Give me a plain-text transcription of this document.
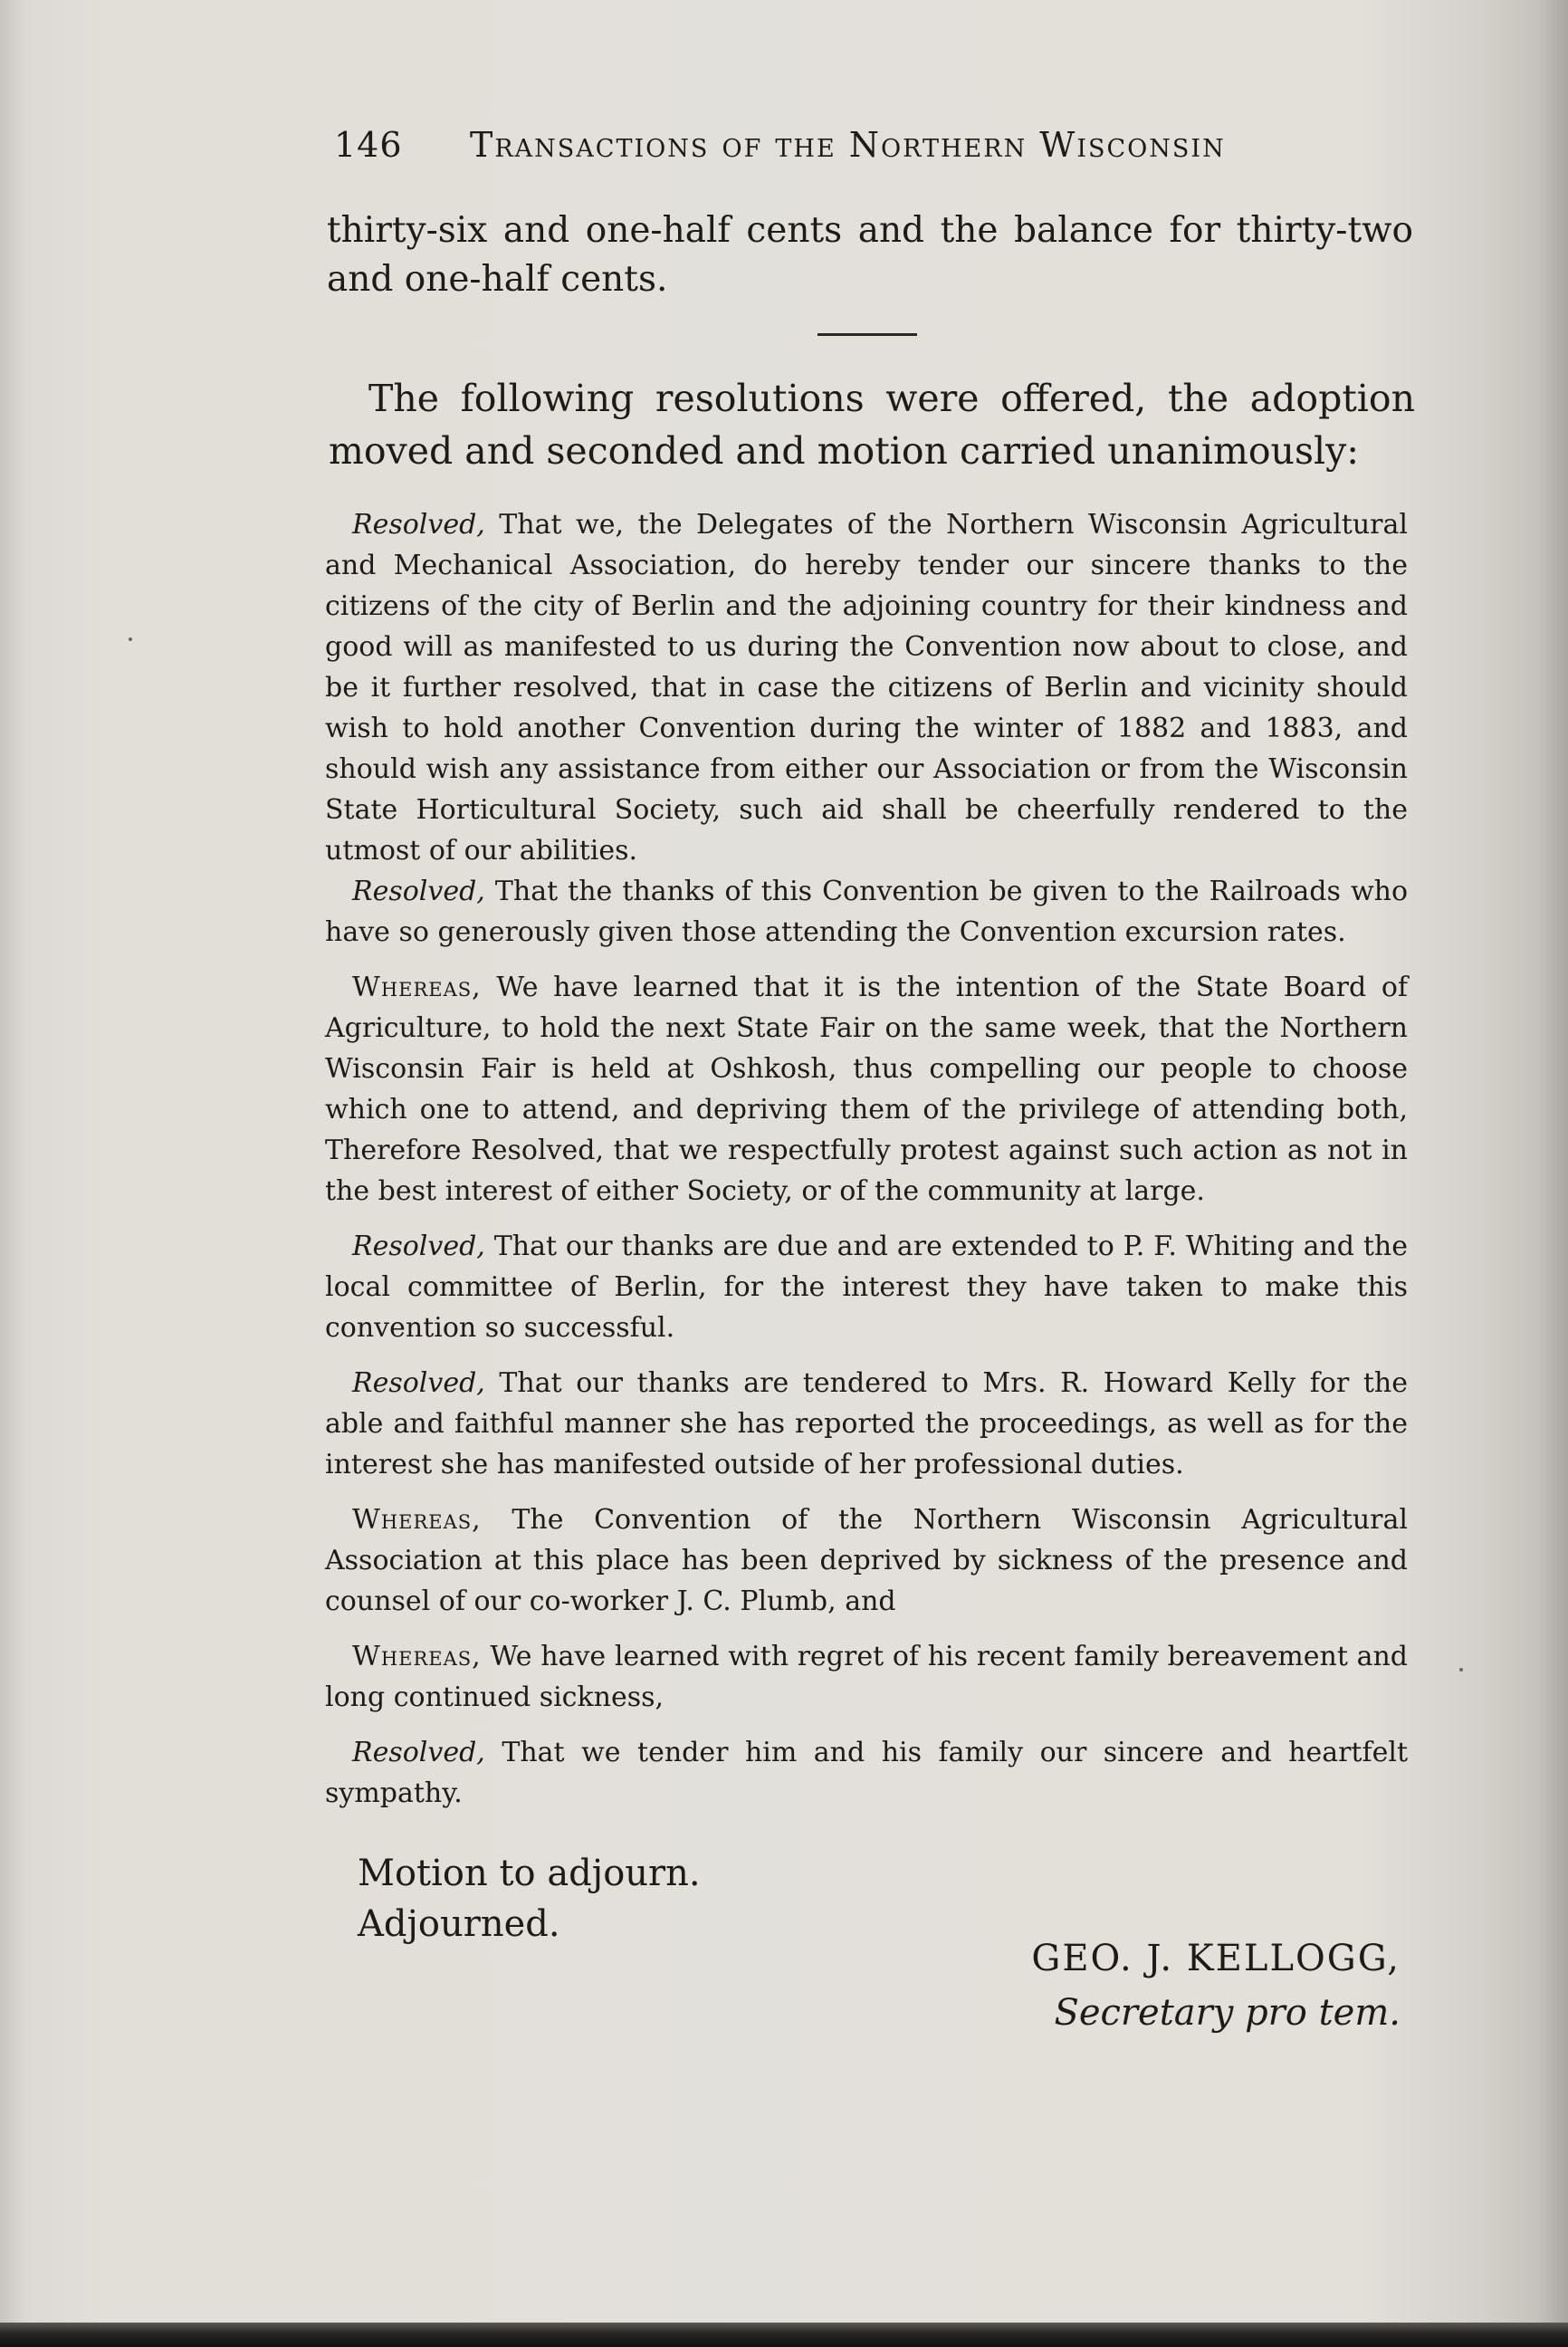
146 Transactions of the Northern Wisconsin

thirty-six and one-half cents and the balance for thirty-two and one-half cents.

The following resolutions were offered, the adoption moved and seconded and motion carried unanimously:

Resolved, That we, the Delegates of the Northern Wisconsin Agricultural and Mechanical Association, do hereby tender our sincere thanks to the citizens of the city of Berlin and the adjoining country for their kindness and good will as manifested to us during the Convention now about to close, and be it further resolved, that in case the citizens of Berlin and vicinity should wish to hold another Convention during the winter of 1882 and 1883, and should wish any assistance from either our Association or from the Wisconsin State Horticultural Society, such aid shall be cheerfully rendered to the utmost of our abilities.

Resolved, That the thanks of this Convention be given to the Railroads who have so generously given those attending the Convention excursion rates.

Whereas, We have learned that it is the intention of the State Board of Agriculture, to hold the next State Fair on the same week, that the Northern Wisconsin Fair is held at Oshkosh, thus compelling our people to choose which one to attend, and depriving them of the privilege of attending both, Therefore Resolved, that we respectfully protest against such action as not in the best interest of either Society, or of the community at large.

Resolved, That our thanks are due and are extended to P. F. Whiting and the local committee of Berlin, for the interest they have taken to make this convention so successful.

Resolved, That our thanks are tendered to Mrs. R. Howard Kelly for the able and faithful manner she has reported the proceedings, as well as for the interest she has manifested outside of her professional duties.

Whereas, The Convention of the Northern Wisconsin Agricultural Association at this place has been deprived by sickness of the presence and counsel of our co-worker J. C. Plumb, and

Whereas, We have learned with regret of his recent family bereavement and long continued sickness,

Resolved, That we tender him and his family our sincere and heartfelt sympathy.

Motion to adjourn.
Adjourned.
GEO. J. KELLOGG,
Secretary pro tem.
